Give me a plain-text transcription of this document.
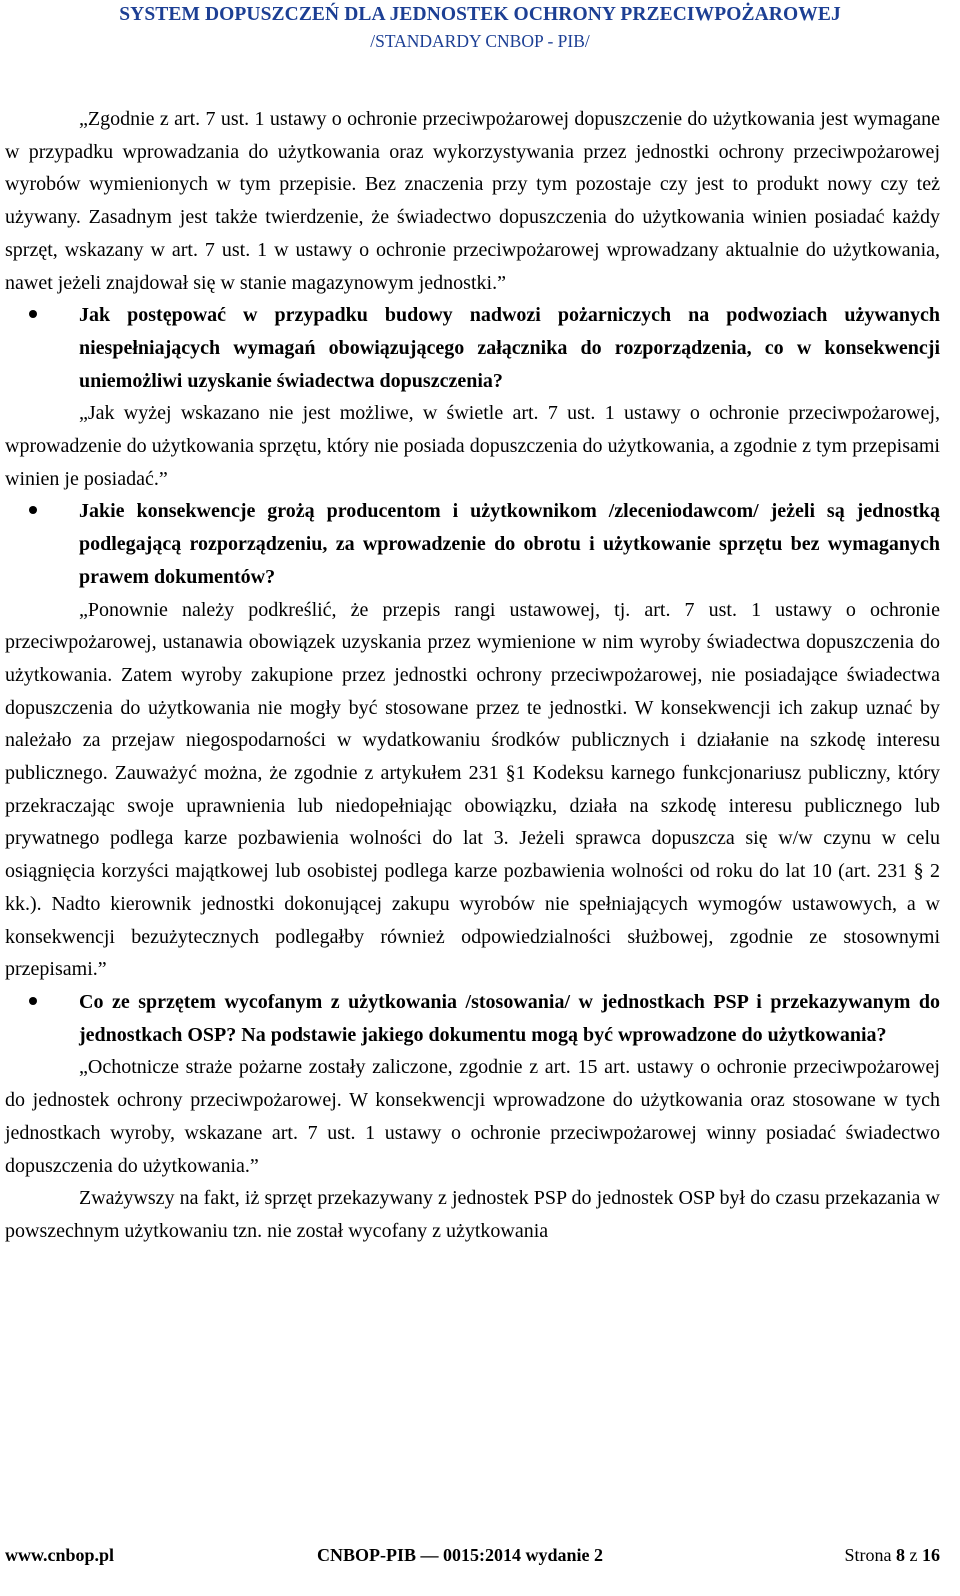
SYSTEM DOPUSZCZEŃ DLA JEDNOSTEK OCHRONY PRZECIWPOŻAROWEJ
/STANDARDY CNBOP - PIB/

„Zgodnie z art. 7 ust. 1 ustawy o ochronie przeciwpożarowej dopuszczenie do użytkowania jest wymagane w przypadku wprowadzania do użytkowania oraz wykorzystywania przez jednostki ochrony przeciwpożarowej wyrobów wymienionych w tym przepisie. Bez znaczenia przy tym pozostaje czy jest to produkt nowy czy też używany. Zasadnym jest także twierdzenie, że świadectwo dopuszczenia do użytkowania winien posiadać każdy sprzęt, wskazany w art. 7 ust. 1 w ustawy o ochronie przeciwpożarowej wprowadzany aktualnie do użytkowania, nawet jeżeli znajdował się w stanie magazynowym jednostki.”

Jak postępować w przypadku budowy nadwozi pożarniczych na podwoziach używanych niespełniających wymagań obowiązującego załącznika do rozporządzenia, co w konsekwencji uniemożliwi uzyskanie świadectwa dopuszczenia?

„Jak wyżej wskazano nie jest możliwe, w świetle art. 7 ust. 1 ustawy o ochronie przeciwpożarowej, wprowadzenie do użytkowania sprzętu, który nie posiada dopuszczenia do użytkowania, a zgodnie z tym przepisami winien je posiadać.”

Jakie konsekwencje grożą producentom i użytkownikom /zleceniodawcom/ jeżeli są jednostką podlegającą rozporządzeniu, za wprowadzenie do obrotu i użytkowanie sprzętu bez wymaganych prawem dokumentów?

„Ponownie należy podkreślić, że przepis rangi ustawowej, tj. art. 7 ust. 1 ustawy o ochronie przeciwpożarowej, ustanawia obowiązek uzyskania przez wymienione w nim wyroby świadectwa dopuszczenia do użytkowania. Zatem wyroby zakupione przez jednostki ochrony przeciwpożarowej, nie posiadające świadectwa dopuszczenia do użytkowania nie mogły być stosowane przez te jednostki. W konsekwencji ich zakup uznać by należało za przejaw niegospodarności w wydatkowaniu środków publicznych i działanie na szkodę interesu publicznego. Zauważyć można, że zgodnie z artykułem 231 §1 Kodeksu karnego funkcjonariusz publiczny, który przekraczając swoje uprawnienia lub niedopełniając obowiązku, działa na szkodę interesu publicznego lub prywatnego podlega karze pozbawienia wolności do lat 3. Jeżeli sprawca dopuszcza się w/w czynu w celu osiągnięcia korzyści majątkowej lub osobistej podlega karze pozbawienia wolności od roku do lat 10 (art. 231 § 2 kk.). Nadto kierownik jednostki dokonującej zakupu wyrobów nie spełniających wymogów ustawowych, a w konsekwencji bezużytecznych podlegałby również odpowiedzialności służbowej, zgodnie ze stosownymi przepisami.”

Co ze sprzętem wycofanym z użytkowania /stosowania/ w jednostkach PSP i przekazywanym do jednostkach OSP? Na podstawie jakiego dokumentu mogą być wprowadzone do użytkowania?

„Ochotnicze straże pożarne zostały zaliczone, zgodnie z art. 15 art. ustawy o ochronie przeciwpożarowej do jednostek ochrony przeciwpożarowej. W konsekwencji wprowadzone do użytkowania oraz stosowane w tych jednostkach wyroby, wskazane art. 7 ust. 1 ustawy o ochronie przeciwpożarowej winny posiadać świadectwo dopuszczenia do użytkowania.”

Zważywszy na fakt, iż sprzęt przekazywany z jednostek PSP do jednostek OSP był do czasu przekazania w powszechnym użytkowaniu tzn. nie został wycofany z użytkowania

www.cnbop.pl	CNBOP-PIB — 0015:2014 wydanie 2	Strona 8 z 16
